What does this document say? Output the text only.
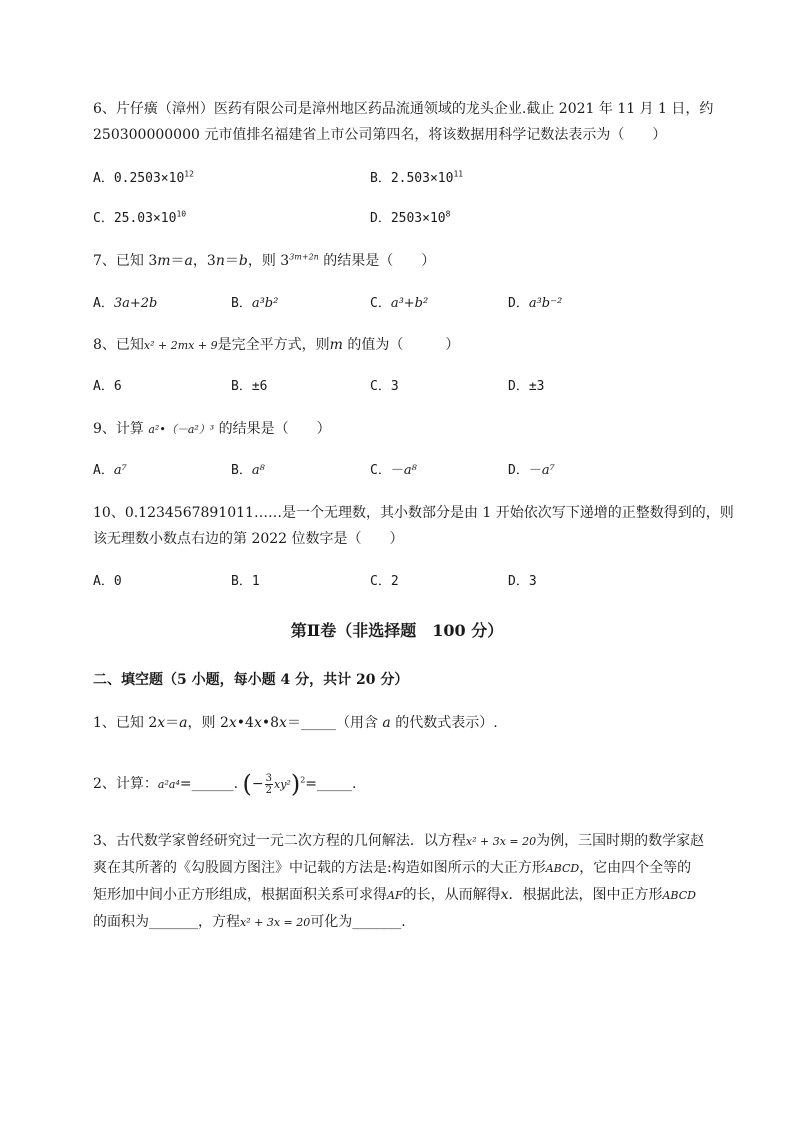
6、片仔癀（漳州）医药有限公司是漳州地区药品流通领域的龙头企业.截止 2021 年 11 月 1 日，约
250300000000 元市值排名福建省上市公司第四名，将该数据用科学记数法表示为（　　）
A．$0.2503\times 10^{12}$	B．$2.503\times 10^{11}$
C．$25.03\times 10^{10}$	D．$2503\times 10^8$
7、已知 3m＝a，3n＝b，则 $3^{3m+2n}$ 的结果是（　　）
A．3a+2b	B．a³b²	C．a³+b²	D．a³b⁻²
8、已知x² + 2mx + 9是完全平方式，则m 的值为（　　　）
A．6	B．±6	C．3	D．±3
9、计算 a²•（－a²）³ 的结果是（　　）
A．a⁷	B．a⁸	C．－a⁸	D．－a⁷
10、0.1234567891011……是一个无理数，其小数部分是由 1 开始依次写下递增的正整数得到的，则
该无理数小数点右边的第 2022 位数字是（　　）
A．0	B．1	C．2	D．3
第Ⅱ卷（非选择题　100 分）
二、填空题（5 小题，每小题 4 分，共计 20 分）
1、已知 2x＝a，则 2x•4x•8x＝_____（用含 a 的代数式表示）.
2、计算：a²a⁴=______. (− $\frac{3}{2}$ xy²)$^2$=_____.
3、古代数学家曾经研究过一元二次方程的几何解法．以方程x² + 3x = 20为例，三国时期的数学家赵
爽在其所著的《勾股圆方图注》中记载的方法是:构造如图所示的大正方形ABCD，它由四个全等的
矩形加中间小正方形组成，根据面积关系可求得AF的长，从而解得x．根据此法，图中正方形ABCD
的面积为_______，方程x² + 3x = 20可化为_______.
